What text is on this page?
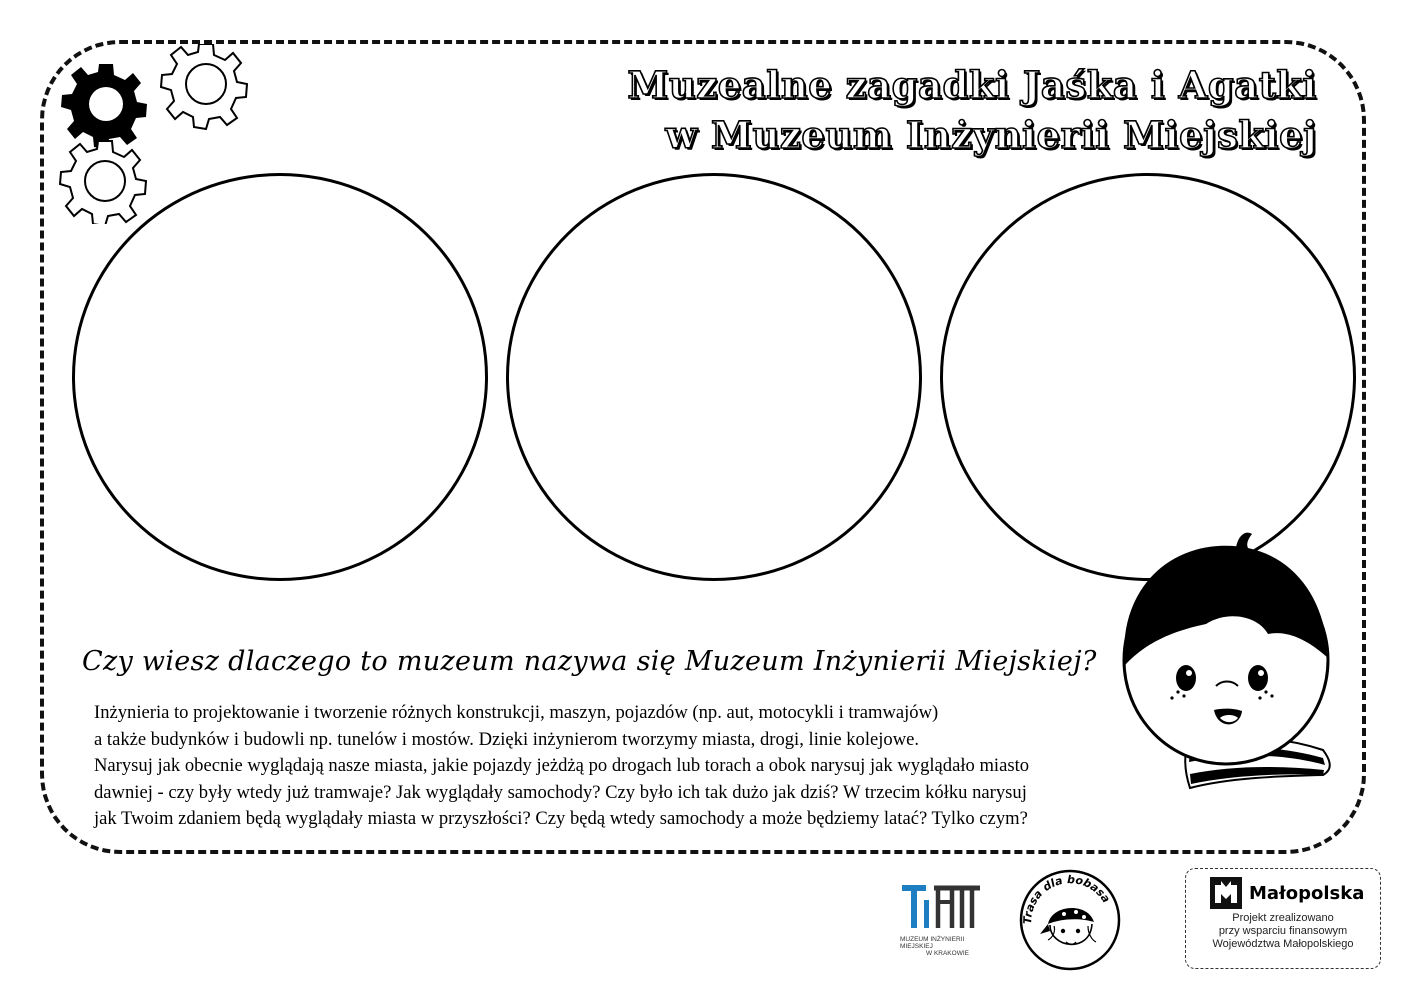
Muzealne zagadki Jaśka i Agatki
w Muzeum Inżynierii Miejskiej
Czy wiesz dlaczego to muzeum nazywa się Muzeum Inżynierii Miejskiej?
Inżynieria to projektowanie i tworzenie różnych konstrukcji, maszyn, pojazdów (np. aut, motocykli i tramwajów)
a także budynków i budowli np. tunelów i mostów. Dzięki inżynierom tworzymy miasta, drogi, linie kolejowe.
Narysuj jak obecnie wyglądają nasze miasta, jakie pojazdy jeżdżą po drogach lub torach a obok narysuj jak wyglądało miasto
dawniej - czy były wtedy już tramwaje? Jak wyglądały samochody? Czy było ich tak dużo jak dziś? W trzecim kółku narysuj
jak Twoim zdaniem będą wyglądały miasta w przyszłości? Czy będą wtedy samochody a może będziemy latać? Tylko czym?
MUZEUM INŻYNIERII
MIEJSKIEJ
W KRAKOWIE
Trasa dla bobasa	Małopolska
Projekt zrealizowano
przy wsparciu finansowym
Województwa Małopolskiego
